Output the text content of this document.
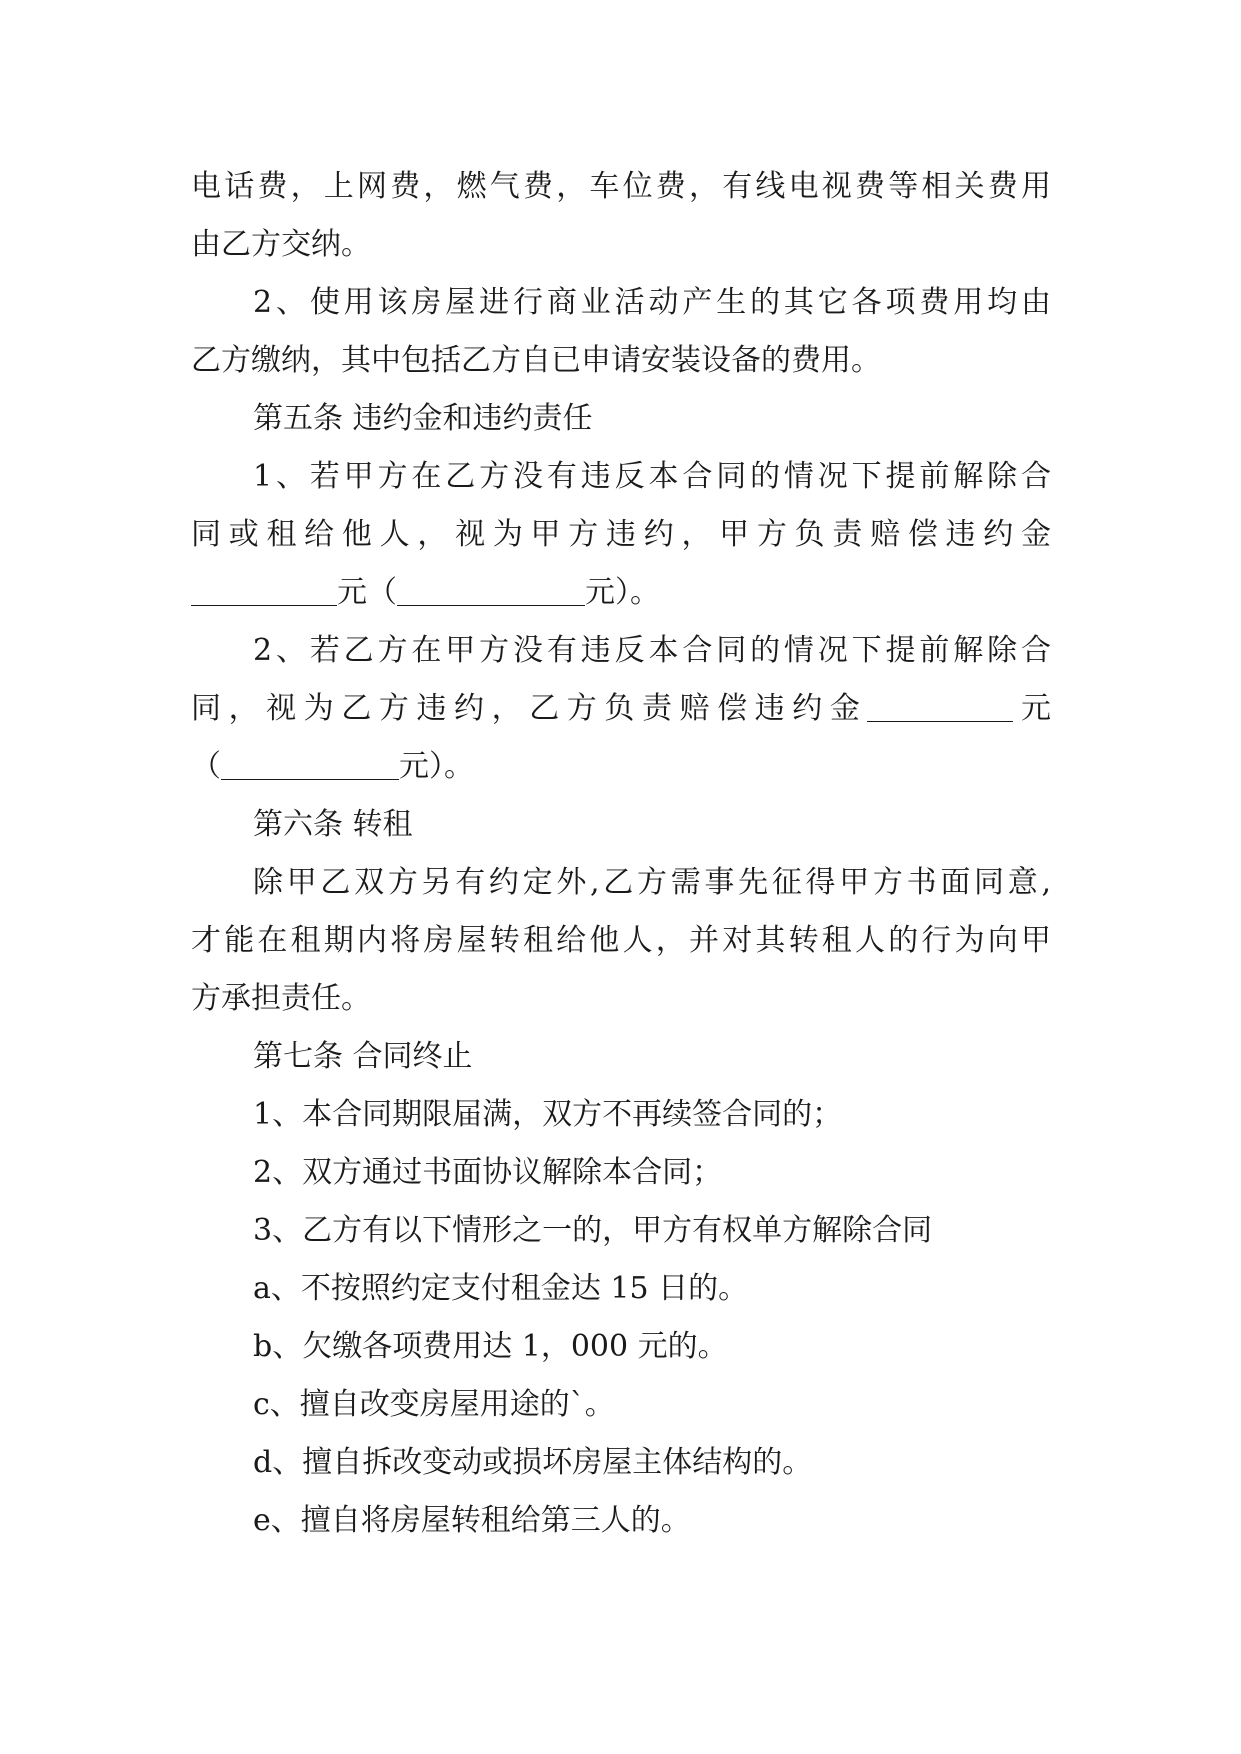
电话费，上网费，燃气费，车位费，有线电视费等相关费用
由乙方交纳。
2、使用该房屋进行商业活动产生的其它各项费用均由
乙方缴纳，其中包括乙方自已申请安装设备的费用。
第五条 违约金和违约责任
1、若甲方在乙方没有违反本合同的情况下提前解除合
同或租给他人，视为甲方违约，甲方负责赔偿违约金
元（	元）。
2、若乙方在甲方没有违反本合同的情况下提前解除合
同，视为乙方违约，乙方负责赔偿违约金	元
（	元）。
第六条 转租
除甲乙双方另有约定外,乙方需事先征得甲方书面同意,
才能在租期内将房屋转租给他人，并对其转租人的行为向甲
方承担责任。
第七条 合同终止
1、本合同期限届满，双方不再续签合同的；
2、双方通过书面协议解除本合同；
3、乙方有以下情形之一的，甲方有权单方解除合同
a、不按照约定支付租金达 15 日的。
b、欠缴各项费用达 1，000 元的。
c、擅自改变房屋用途的`。
d、擅自拆改变动或损坏房屋主体结构的。
e、擅自将房屋转租给第三人的。
